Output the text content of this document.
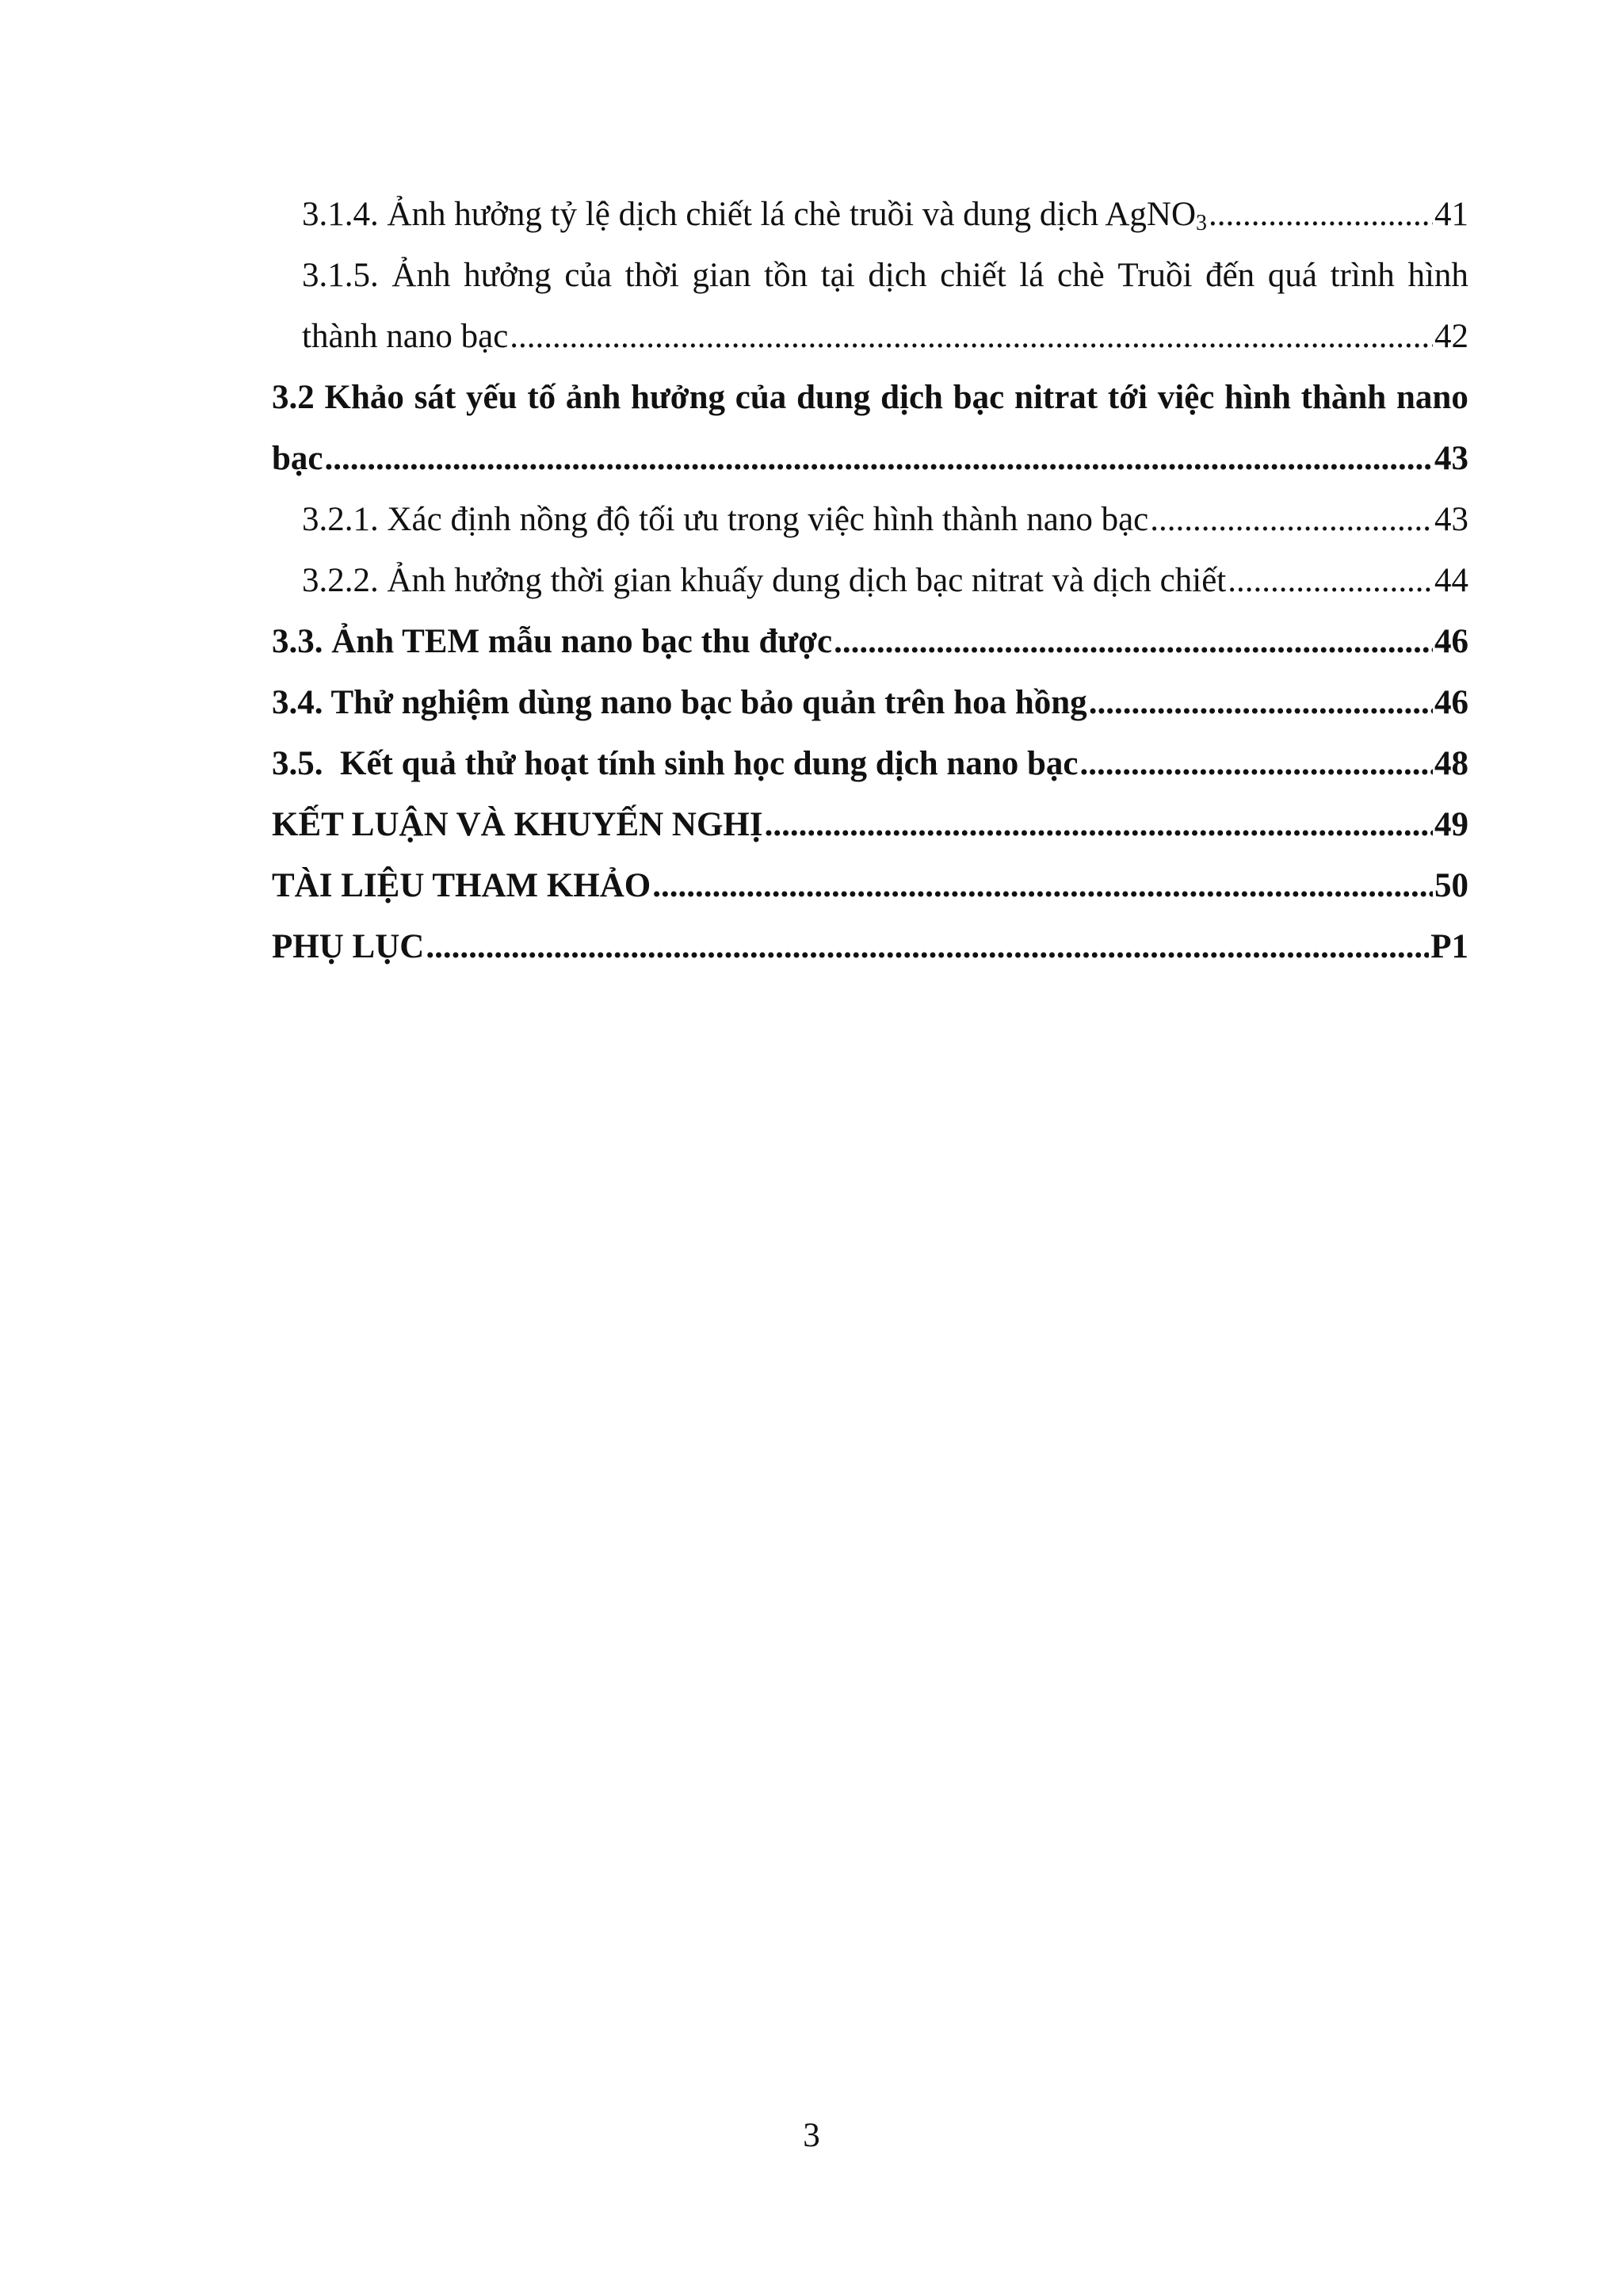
3.1.4. Ảnh hưởng tỷ lệ dịch chiết lá chè truồi và dung dịch AgNO$_3$ .....	41
3.1.5. Ảnh hưởng của thời gian tồn tại dịch chiết lá chè Truồi đến quá trình hình
thành nano bạc .....	42
3.2 Khảo sát yếu tố ảnh hưởng của dung dịch bạc nitrat tới việc hình thành nano
bạc .....	43
3.2.1. Xác định nồng độ tối ưu trong việc hình thành nano bạc .....	43
3.2.2. Ảnh hưởng thời gian khuấy dung dịch bạc nitrat và dịch chiết .....	44
3.3. Ảnh TEM mẫu nano bạc thu được .....	46
3.4. Thử nghiệm dùng nano bạc bảo quản trên hoa hồng .....	46
3.5.  Kết quả thử hoạt tính sinh học dung dịch nano bạc .....	48
KẾT LUẬN VÀ KHUYẾN NGHỊ .....	49
TÀI LIỆU THAM KHẢO .....	50
PHỤ LỤC .....	P1
3
